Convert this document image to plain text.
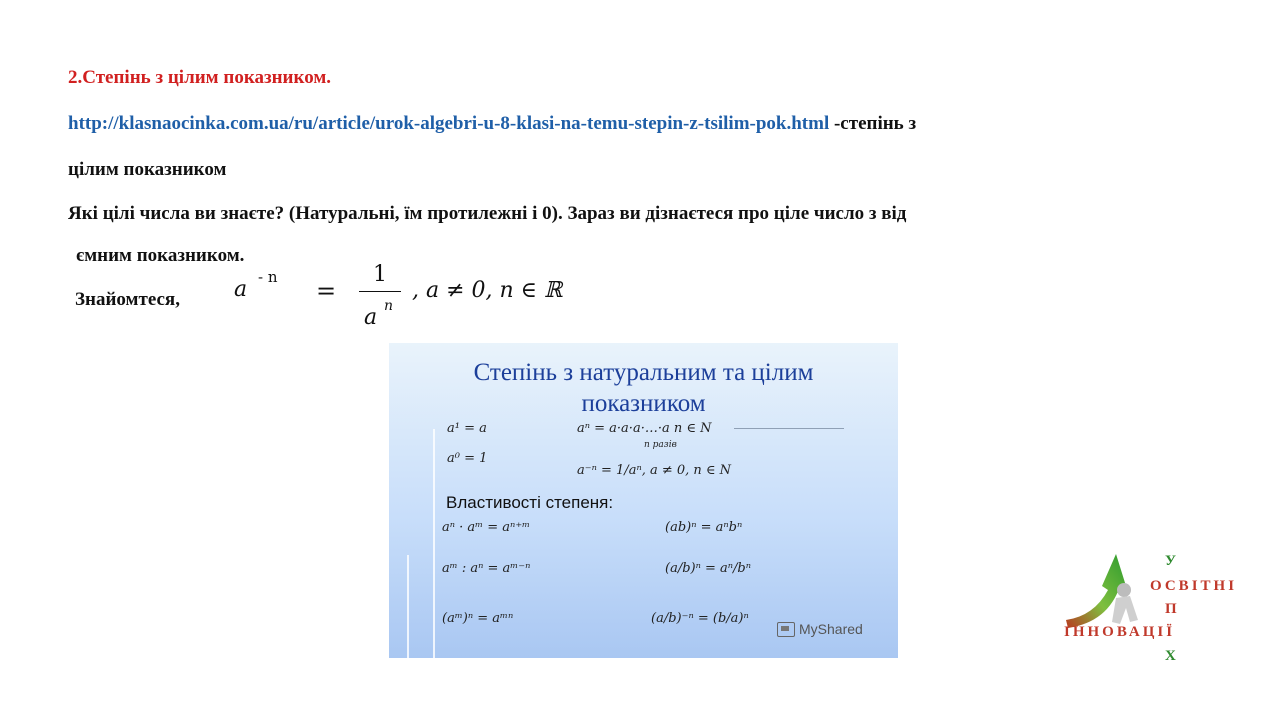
2.Степінь з цілим показником.
http://klasnaocinka.com.ua/ru/article/urok-algebri-u-8-klasi-na-temu-stepin-z-tsilim-pok.html -степінь з
цілим показником
Які цілі числа ви знаєте? (Натуральні, їм протилежні і 0). Зараз ви дізнаєтеся про ціле число з від
ємним показником.
Знайомтеся, a - n =
1
a n
, a ≠ 0, n ∈ ℝ
Степінь з натуральним та цілим
показником
a¹ = a	aⁿ = a·a·a·…·a n ∈ N
n разів
a⁰ = 1
a⁻ⁿ = 1/aⁿ, a ≠ 0, n ∈ N
Властивості степеня:
aⁿ · aᵐ = aⁿ⁺ᵐ	(ab)ⁿ = aⁿbⁿ
aᵐ : aⁿ = aᵐ⁻ⁿ	(a/b)ⁿ = aⁿ/bⁿ
(aᵐ)ⁿ = aᵐⁿ	(a/b)⁻ⁿ = (b/a)ⁿ
MyShared
У
ОСВІТНІ
П
ІННОВАЦІЇ
Х
